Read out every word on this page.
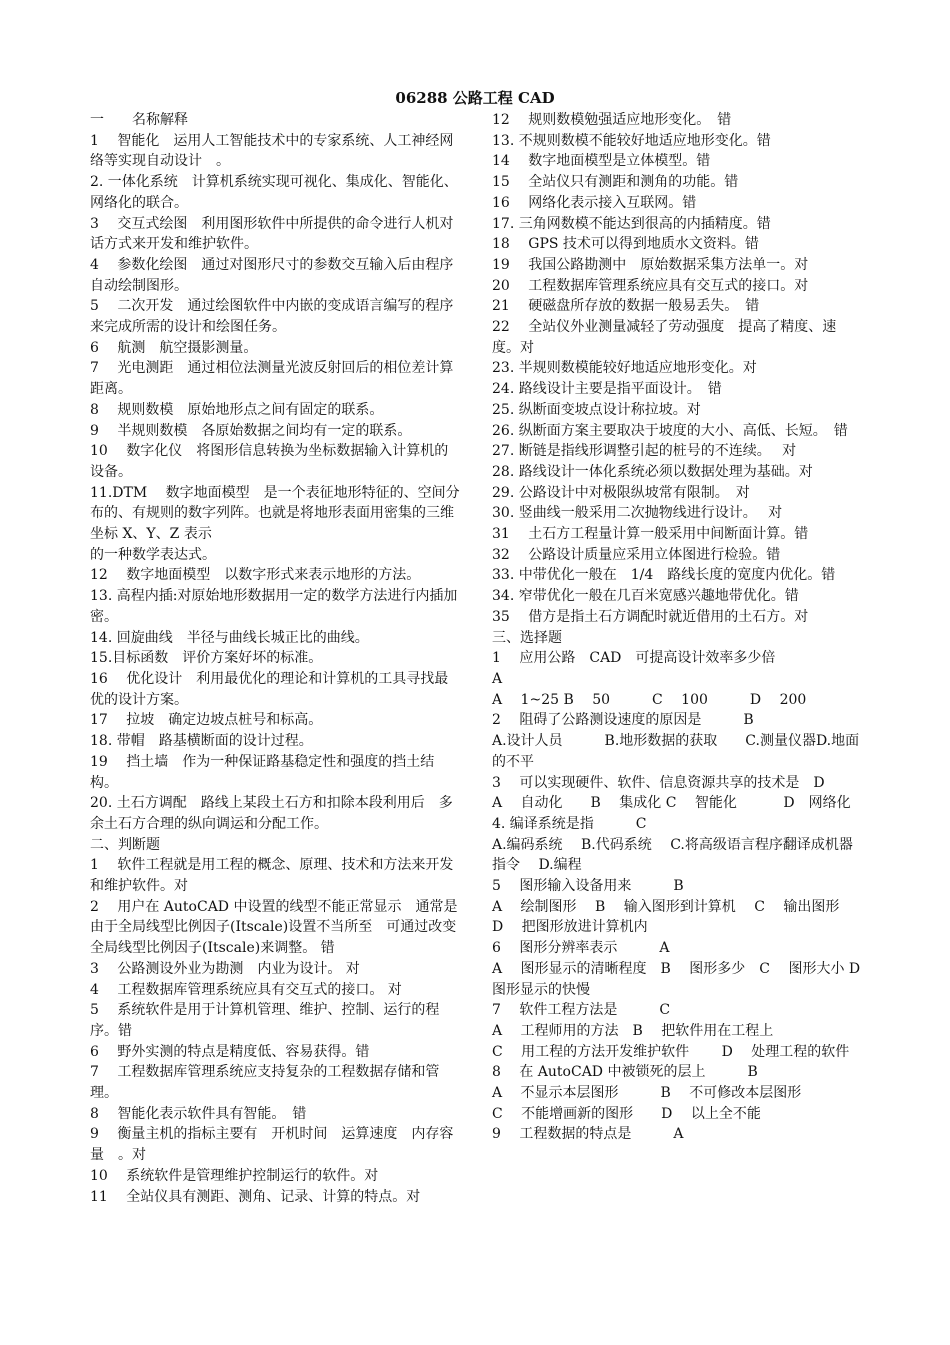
06288 公路工程 CAD
一　　名称解释
1　 智能化　运用人工智能技术中的专家系统、人工神经网络等实现自动设计　。
2. 一体化系统　计算机系统实现可视化、集成化、智能化、网络化的联合。
3　 交互式绘图　利用图形软件中所提供的命令进行人机对话方式来开发和维护软件。
4　 参数化绘图　通过对图形尺寸的参数交互输入后由程序自动绘制图形。
5　 二次开发　通过绘图软件中内嵌的变成语言编写的程序来完成所需的设计和绘图任务。
6　 航测　航空摄影测量。
7　 光电测距　通过相位法测量光波反射回后的相位差计算距离。
8　 规则数模　原始地形点之间有固定的联系。
9　 半规则数模　各原始数据之间均有一定的联系。
10　 数字化仪　将图形信息转换为坐标数据输入计算机的设备。
11.DTM　 数字地面模型　是一个表征地形特征的、空间分布的、有规则的数字列阵。也就是将地形表面用密集的三维坐标 X、Y、Z 表示
的一种数学表达式。
12　 数字地面模型　以数字形式来表示地形的方法。
13. 高程内插:对原始地形数据用一定的数学方法进行内插加密。
14. 回旋曲线　半径与曲线长城正比的曲线。
15.目标函数　评价方案好坏的标准。
16　 优化设计　利用最优化的理论和计算机的工具寻找最优的设计方案。
17　 拉坡　确定边坡点桩号和标高。
18. 带帽　路基横断面的设计过程。
19　 挡土墙　作为一种保证路基稳定性和强度的挡土结构。
20. 土石方调配　路线上某段土石方和扣除本段利用后　多余土石方合理的纵向调运和分配工作。
二、判断题
1　 软件工程就是用工程的概念、原理、技术和方法来开发和维护软件。对
2　 用户在 AutoCAD 中设置的线型不能正常显示　通常是由于全局线型比例因子(Itscale)设置不当所至　可通过改变全局线型比例因子(Itscale)来调整。 错
3　 公路测设外业为勘测　内业为设计。 对
4　 工程数据库管理系统应具有交互式的接口。 对
5　 系统软件是用于计算机管理、维护、控制、运行的程序。错
6　 野外实测的特点是精度低、容易获得。错
7　 工程数据库管理系统应支持复杂的工程数据存储和管理。
8　 智能化表示软件具有智能。　错
9　 衡量主机的指标主要有　开机时间　运算速度　内存容量　。对
10　 系统软件是管理维护控制运行的软件。对
11　 全站仪具有测距、测角、记录、计算的特点。对
12　 规则数模勉强适应地形变化。　错
13. 不规则数模不能较好地适应地形变化。错
14　 数字地面模型是立体模型。错
15　 全站仪只有测距和测角的功能。错
16　 网络化表示接入互联网。错
17. 三角网数模不能达到很高的内插精度。错
18　 GPS 技术可以得到地质水文资料。错
19　 我国公路勘测中　原始数据采集方法单一。对
20　 工程数据库管理系统应具有交互式的接口。对
21　 硬磁盘所存放的数据一般易丢失。　错
22　 全站仪外业测量减轻了劳动强度　提高了精度、速度。对
23. 半规则数模能较好地适应地形变化。对
24. 路线设计主要是指平面设计。　错
25. 纵断面变坡点设计称拉坡。对
26. 纵断面方案主要取决于坡度的大小、高低、长短。　错
27. 断链是指线形调整引起的桩号的不连续。　 对
28. 路线设计一体化系统必须以数据处理为基础。对
29. 公路设计中对极限纵坡常有限制。　对
30. 竖曲线一般采用二次抛物线进行设计。　 对
31　 土石方工程量计算一般采用中间断面计算。错
32　 公路设计质量应采用立体图进行检验。错
33. 中带优化一般在　1/4　路线长度的宽度内优化。错
34. 窄带优化一般在几百米宽感兴趣地带优化。错
35　 借方是指土石方调配时就近借用的土石方。对
三、选择题
1　 应用公路　CAD　可提高设计效率多少倍
A
A　 1~25 B　 50　　　C　 100　　　D　 200
2　 阻碍了公路测设速度的原因是　　　B
A.设计人员　　　B.地形数据的获取　　C.测量仪器D.地面的不平
3　 可以实现硬件、软件、信息资源共享的技术是　D
A　 自动化　　B　 集成化 C　 智能化　　　 D　网络化
4. 编译系统是指　　　C
A.编码系统　 B.代码系统　 C.将高级语言程序翻译成机器指令　 D.编程
5　 图形输入设备用来　　　B
A　 绘制图形　 B　 输入图形到计算机　 C　 输出图形　D　 把图形放进计算机内
6　 图形分辨率表示　　　A
A　 图形显示的清晰程度　B　 图形多少　C　 图形大小 D　 图形显示的快慢
7　 软件工程方法是　　　C
A　 工程师用的方法　B　 把软件用在工程上
C　 用工程的方法开发维护软件　　 D　 处理工程的软件
8　 在 AutoCAD 中被锁死的层上　　　B
A　 不显示本层图形　　　B　 不可修改本层图形
C　 不能增画新的图形　　D　 以上全不能
9　 工程数据的特点是　　　A
